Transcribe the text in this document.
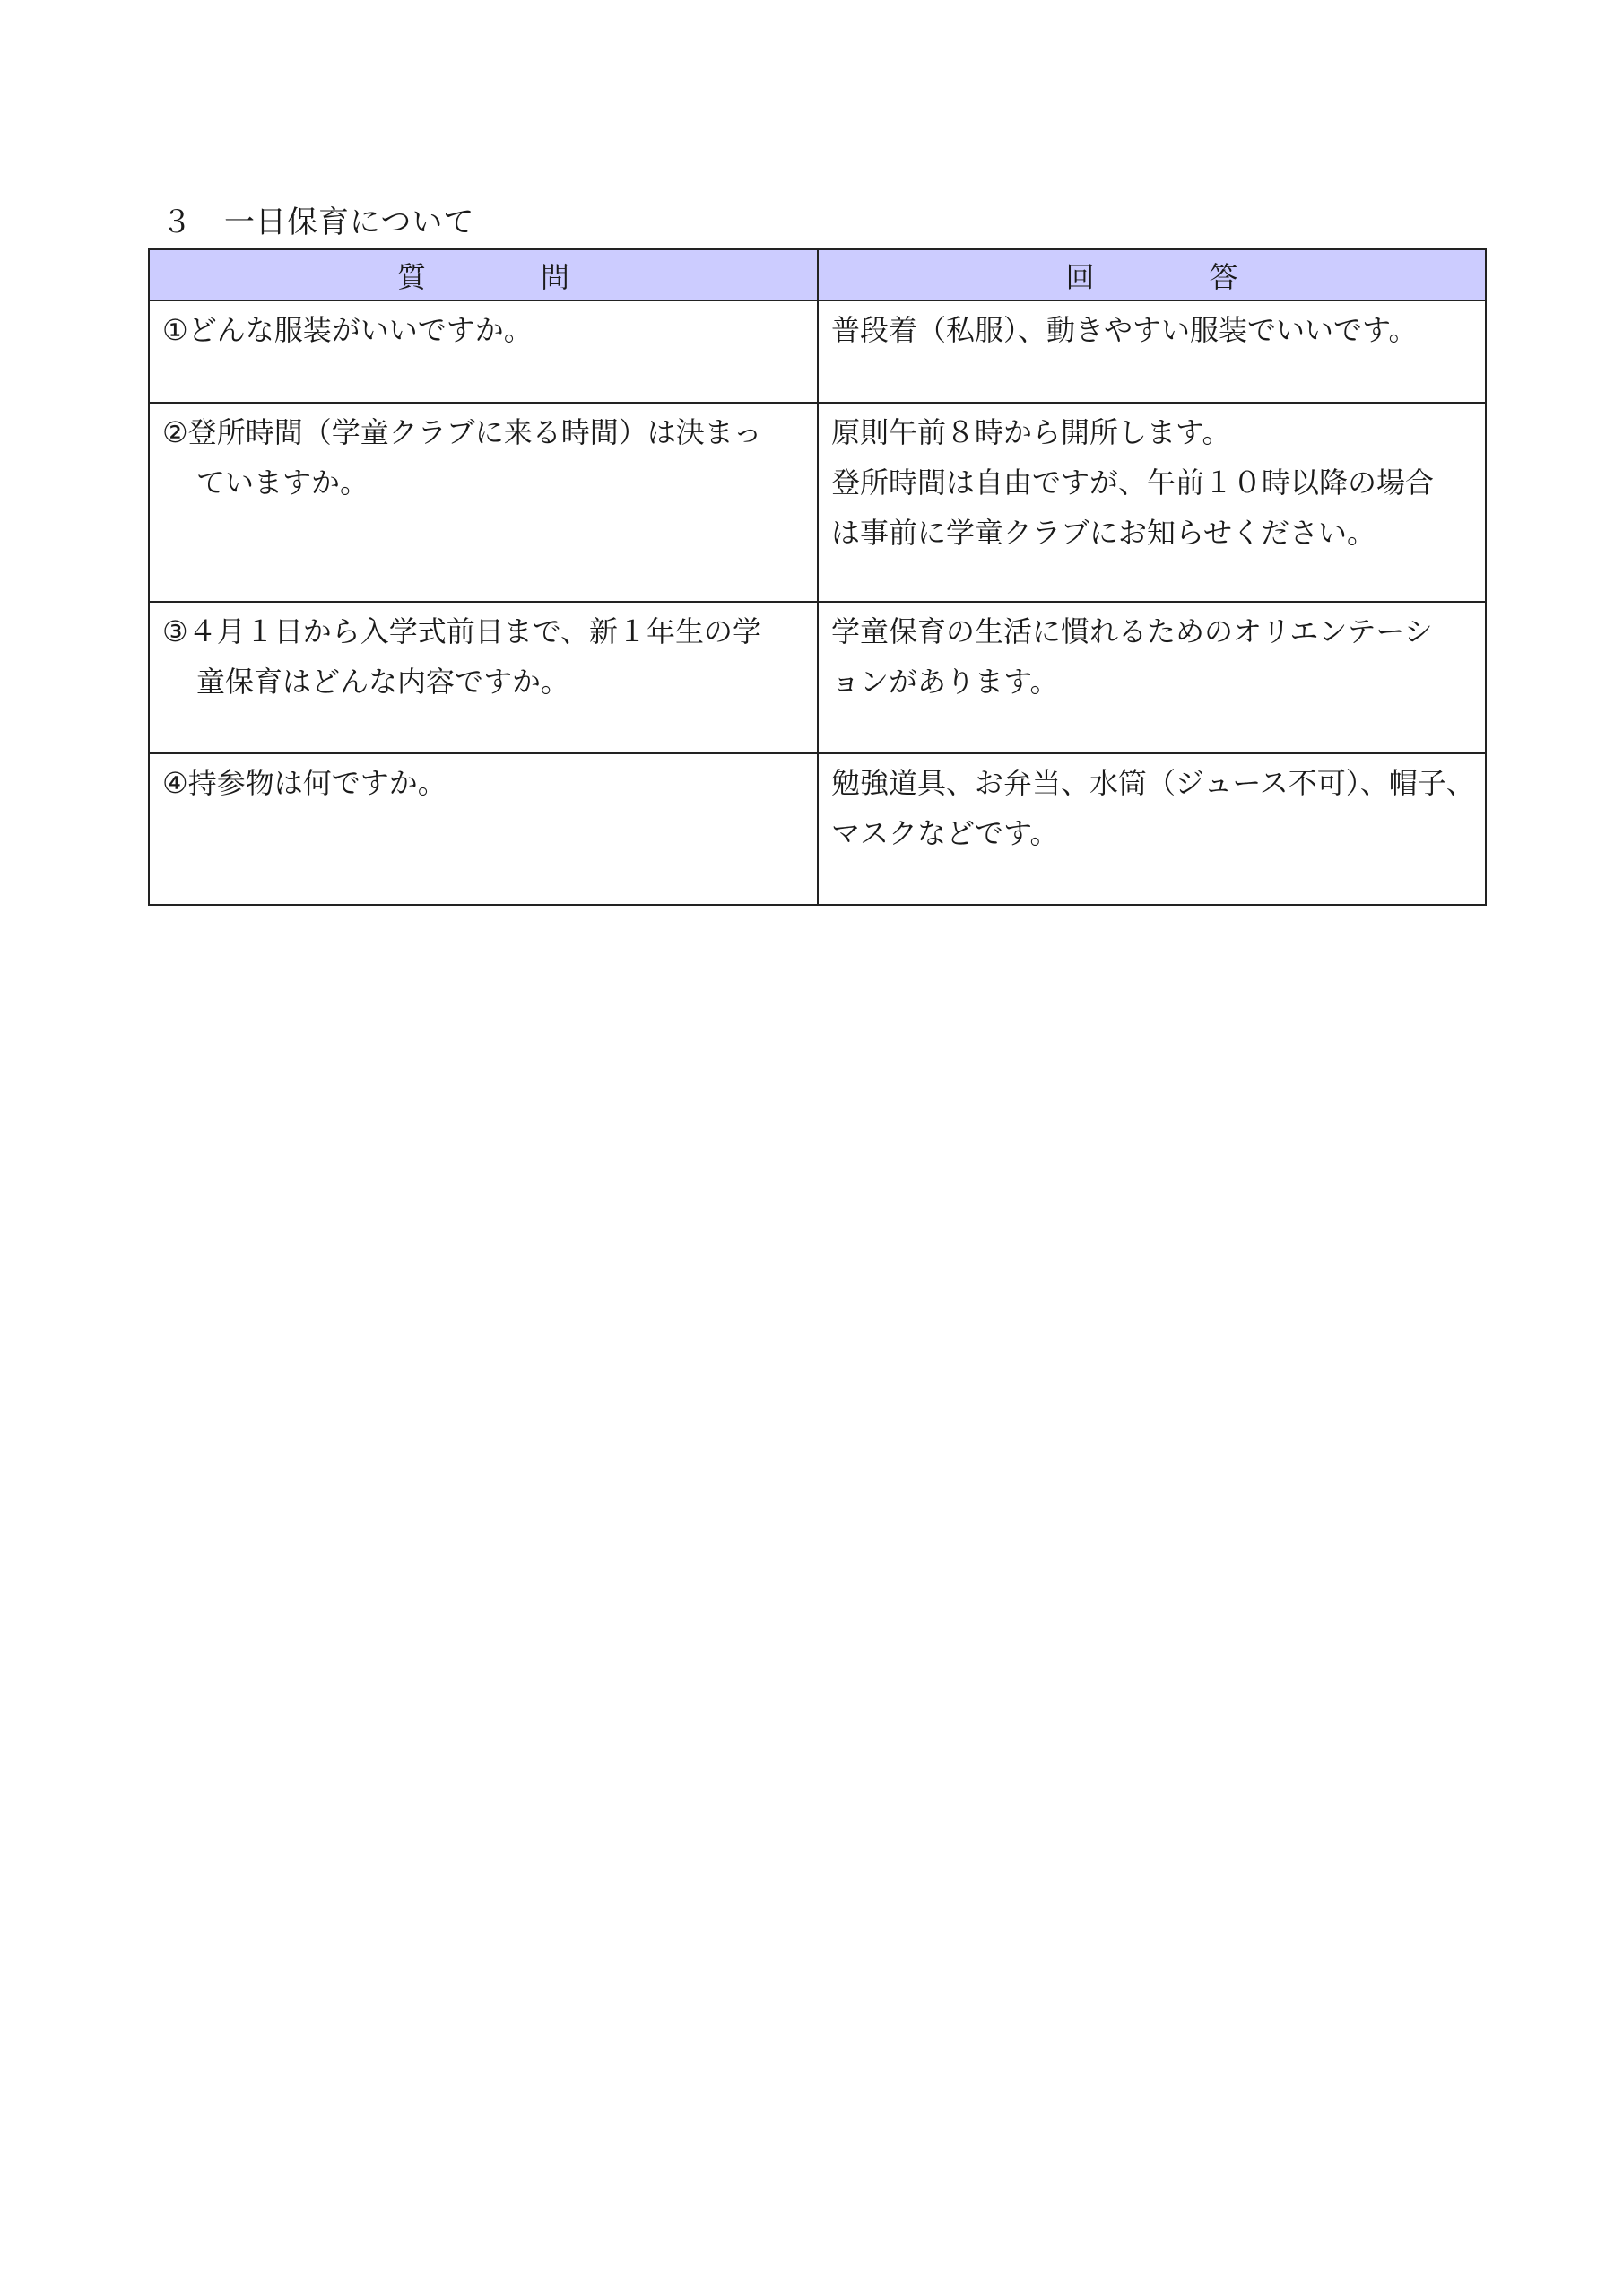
３　一日保育について
質　　　　問	回　　　　答

①どんな服装がいいですか。	普段着（私服）、動きやすい服装でいいです。

②登所時間（学童クラブに来る時間）は決まっ
ていますか。	原則午前８時から開所します。
登所時間は自由ですが、午前１０時以降の場合
は事前に学童クラブにお知らせください。

③４月１日から入学式前日まで、新１年生の学
童保育はどんな内容ですか。	学童保育の生活に慣れるためのオリエンテーシ
ョンがあります。

④持参物は何ですか。	勉強道具、お弁当、水筒（ジュース不可）、帽子、
マスクなどです。
